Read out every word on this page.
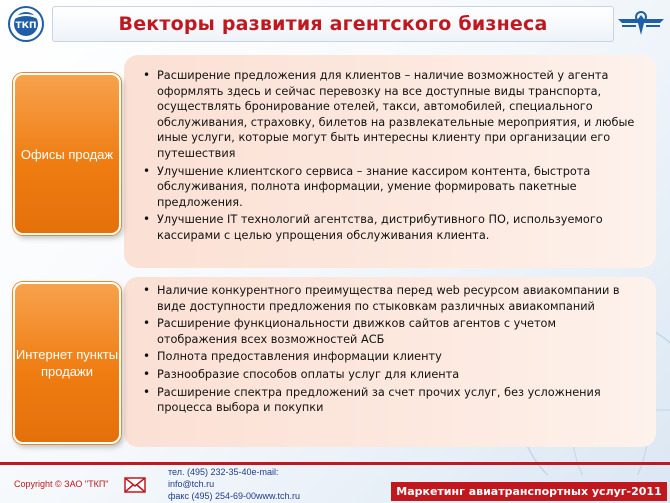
ТКП	Векторы развития агентского бизнеса
Офисы продаж
• Расширение предложения для клиентов – наличие возможностей у агента оформлять здесь и сейчас перевозку на все доступные виды транспорта, осуществлять бронирование отелей, такси, автомобилей, специального обслуживания, страховку, билетов на развлекательные мероприятия, и любые иные услуги, которые могут быть интересны клиенту при организации его путешествия
• Улучшение клиентского сервиса – знание кассиром контента, быстрота обслуживания, полнота информации, умение формировать пакетные предложения.
• Улучшение IT технологий агентства, дистрибутивного ПО, используемого кассирами с целью упрощения обслуживания клиента.
Интернет пункты продажи
• Наличие конкурентного преимущества перед web ресурсом авиакомпании в виде доступности предложения по стыковкам различных авиакомпаний
• Расширение функциональности движков сайтов агентов с учетом отображения всех возможностей АСБ
• Полнота предоставления информации клиенту
• Разнообразие способов оплаты услуг для клиента
• Расширение спектра предложений за счет прочих услуг, без усложнения процесса выбора и покупки
Copyright © ЗАО "ТКП"
тел. (495) 232-35-40e-mail:
info@tch.ru
факс (495) 254-69-00www.tch.ru	Маркетинг авиатранспортных услуг-2011
